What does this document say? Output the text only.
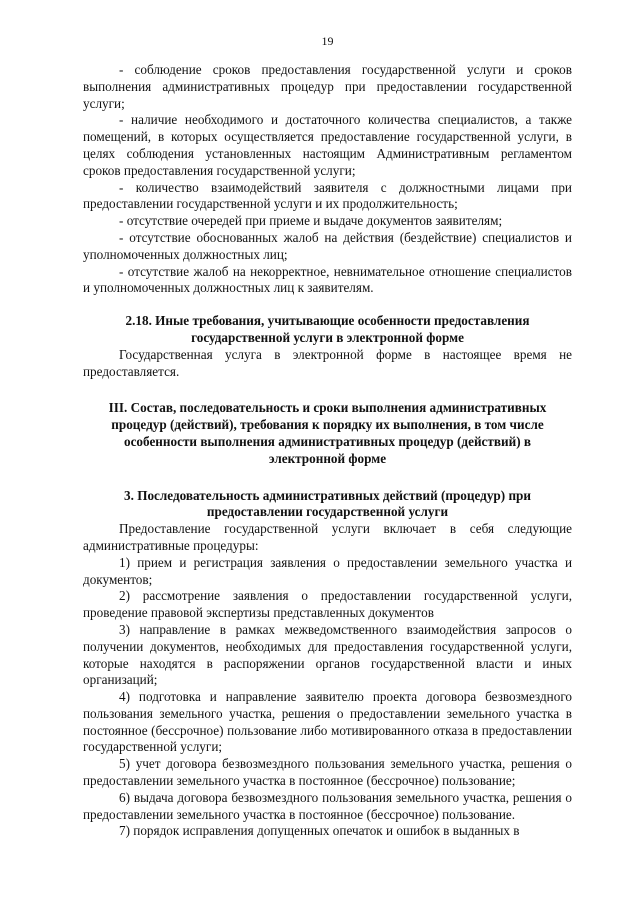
19

- соблюдение сроков предоставления государственной услуги и сроков выполнения административных процедур при предоставлении государственной услуги;

- наличие необходимого и достаточного количества специалистов, а также помещений, в которых осуществляется предоставление государственной услуги, в целях соблюдения установленных настоящим Административным регламентом сроков предоставления государственной услуги;

- количество взаимодействий заявителя с должностными лицами при предоставлении государственной услуги и их продолжительность;

- отсутствие очередей при приеме и выдаче документов заявителям;

- отсутствие обоснованных жалоб на действия (бездействие) специалистов и уполномоченных должностных лиц;

- отсутствие жалоб на некорректное, невнимательное отношение специалистов и уполномоченных должностных лиц к заявителям.

2.18. Иные требования, учитывающие особенности предоставления государственной услуги в электронной форме

Государственная услуга в электронной форме в настоящее время не предоставляется.

III. Состав, последовательность и сроки выполнения административных процедур (действий), требования к порядку их выполнения, в том числе особенности выполнения административных процедур (действий) в электронной форме

3. Последовательность административных действий (процедур) при предоставлении государственной услуги

Предоставление государственной услуги включает в себя следующие административные процедуры:

1) прием и регистрация заявления о предоставлении земельного участка и документов;

2) рассмотрение заявления о предоставлении государственной услуги, проведение правовой экспертизы представленных документов

3) направление в рамках межведомственного взаимодействия запросов о получении документов, необходимых для предоставления государственной услуги, которые находятся в распоряжении органов государственной власти и иных организаций;

4) подготовка и направление заявителю проекта договора безвозмездного пользования земельного участка, решения о предоставлении земельного участка в постоянное (бессрочное) пользование либо мотивированного отказа в предоставлении государственной услуги;

5) учет договора безвозмездного пользования земельного участка, решения о предоставлении земельного участка в постоянное (бессрочное) пользование;

6) выдача договора безвозмездного пользования земельного участка, решения о предоставлении земельного участка в постоянное (бессрочное) пользование.

7) порядок исправления допущенных опечаток и ошибок в выданных в
